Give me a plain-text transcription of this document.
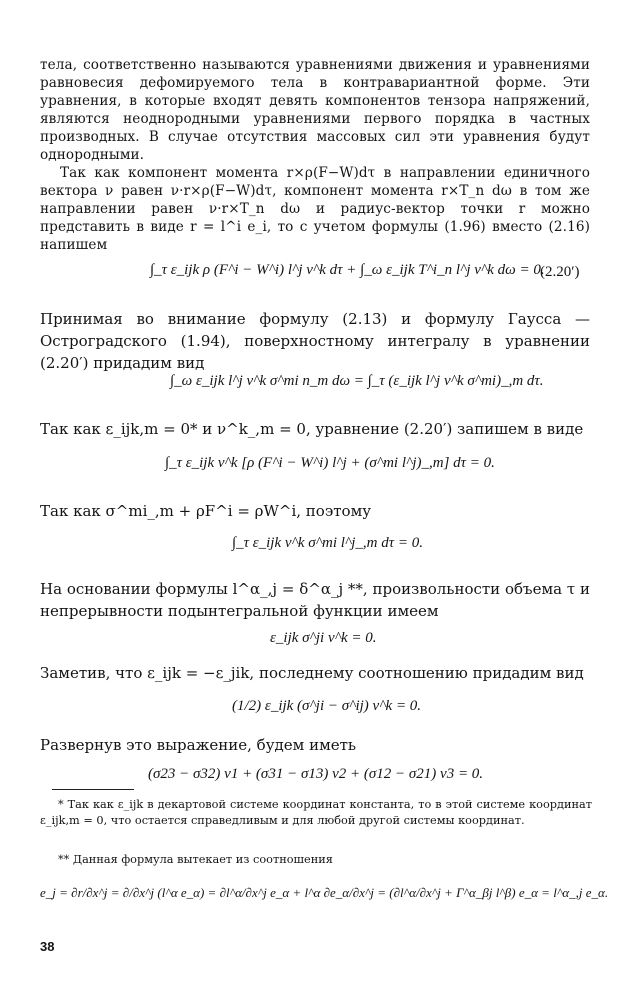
тела, соответственно называются уравнениями движения и уравнениями равновесия дефомируемого тела в контравариантной форме. Эти уравнения, в которые входят девять компонентов тензора напряжений, являются неоднородными уравнениями первого порядка в частных производных. В случае отсутствия массовых сил эти уравнения будут однородными.

Так как компонент момента r×ρ(F−W)dτ в направлении единичного вектора ν равен ν·r×ρ(F−W)dτ, компонент момента r×T_n dω в том же направлении равен ν·r×T_n dω и радиус-вектор точки r можно представить в виде r = l^i e_i, то с учетом формулы (1.96) вместо (2.16) напишем

∫_τ ε_ijk ρ (F^i − W^i) l^j ν^k dτ + ∫_ω ε_ijk T^i_n l^j ν^k dω = 0.
(2.20′)

Принимая во внимание формулу (2.13) и формулу Гаусса — Остроградского (1.94), поверхностному интегралу в уравнении (2.20′) придадим вид

∫_ω ε_ijk l^j ν^k σ^mi n_m dω = ∫_τ (ε_ijk l^j ν^k σ^mi)_,m dτ.

Так как ε_ijk,m = 0* и ν^k_,m = 0, уравнение (2.20′) запишем в виде

∫_τ ε_ijk ν^k [ρ (F^i − W^i) l^j + (σ^mi l^j)_,m] dτ = 0.

Так как σ^mi_,m + ρF^i = ρW^i, поэтому

∫_τ ε_ijk ν^k σ^mi l^j_,m dτ = 0.

На основании формулы l^α_,j = δ^α_j **, произвольности объема τ и непрерывности подынтегральной функции имеем

ε_ijk σ^ji ν^k = 0.

Заметив, что ε_ijk = −ε_jik, последнему соотношению придадим вид

(1/2) ε_ijk (σ^ji − σ^ij) ν^k = 0.

Развернув это выражение, будем иметь

(σ23 − σ32) ν1 + (σ31 − σ13) ν2 + (σ12 − σ21) ν3 = 0.

* Так как ε_ijk в декартовой системе координат константа, то в этой системе координат ε_ijk,m = 0, что остается справедливым и для любой другой системы координат.

** Данная формула вытекает из соотношения

e_j = ∂r/∂x^j = ∂/∂x^j (l^α e_α) = ∂l^α/∂x^j e_α + l^α ∂e_α/∂x^j = (∂l^α/∂x^j + Γ^α_βj l^β) e_α = l^α_,j e_α.
38
